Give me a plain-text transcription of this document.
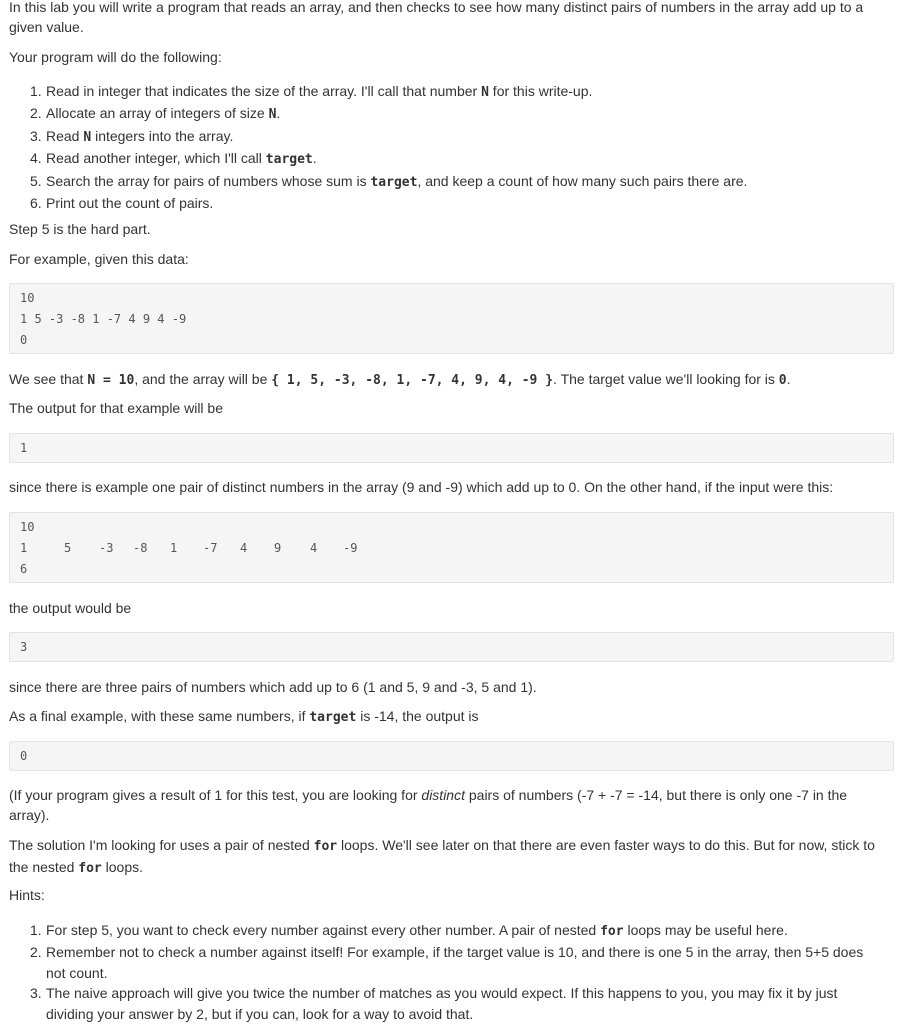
In this lab you will write a program that reads an array, and then checks to see how many distinct pairs of numbers in the array add up to a given value.

Your program will do the following:

1. Read in integer that indicates the size of the array. I'll call that number N for this write-up.
2. Allocate an array of integers of size N.
3. Read N integers into the array.
4. Read another integer, which I'll call target.
5. Search the array for pairs of numbers whose sum is target, and keep a count of how many such pairs there are.
6. Print out the count of pairs.

Step 5 is the hard part.

For example, given this data:

10
1 5 -3 -8 1 -7 4 9 4 -9
0

We see that N = 10, and the array will be { 1, 5, -3, -8, 1, -7, 4, 9, 4, -9 }. The target value we'll looking for is 0.

The output for that example will be

1

since there is example one pair of distinct numbers in the array (9 and -9) which add up to 0. On the other hand, if the input were this:

10
1	5 -3 -8 1 -7 4 9 4 -9
6

the output would be

3

since there are three pairs of numbers which add up to 6 (1 and 5, 9 and -3, 5 and 1).

As a final example, with these same numbers, if target is -14, the output is

0

(If your program gives a result of 1 for this test, you are looking for distinct pairs of numbers (-7 + -7 = -14, but there is only one -7 in the array).

The solution I'm looking for uses a pair of nested for loops. We'll see later on that there are even faster ways to do this. But for now, stick to the nested for loops.

Hints:

1. For step 5, you want to check every number against every other number. A pair of nested for loops may be useful here.
2. Remember not to check a number against itself! For example, if the target value is 10, and there is one 5 in the array, then 5+5 does not count.
3. The naive approach will give you twice the number of matches as you would expect. If this happens to you, you may fix it by just dividing your answer by 2, but if you can, look for a way to avoid that.
